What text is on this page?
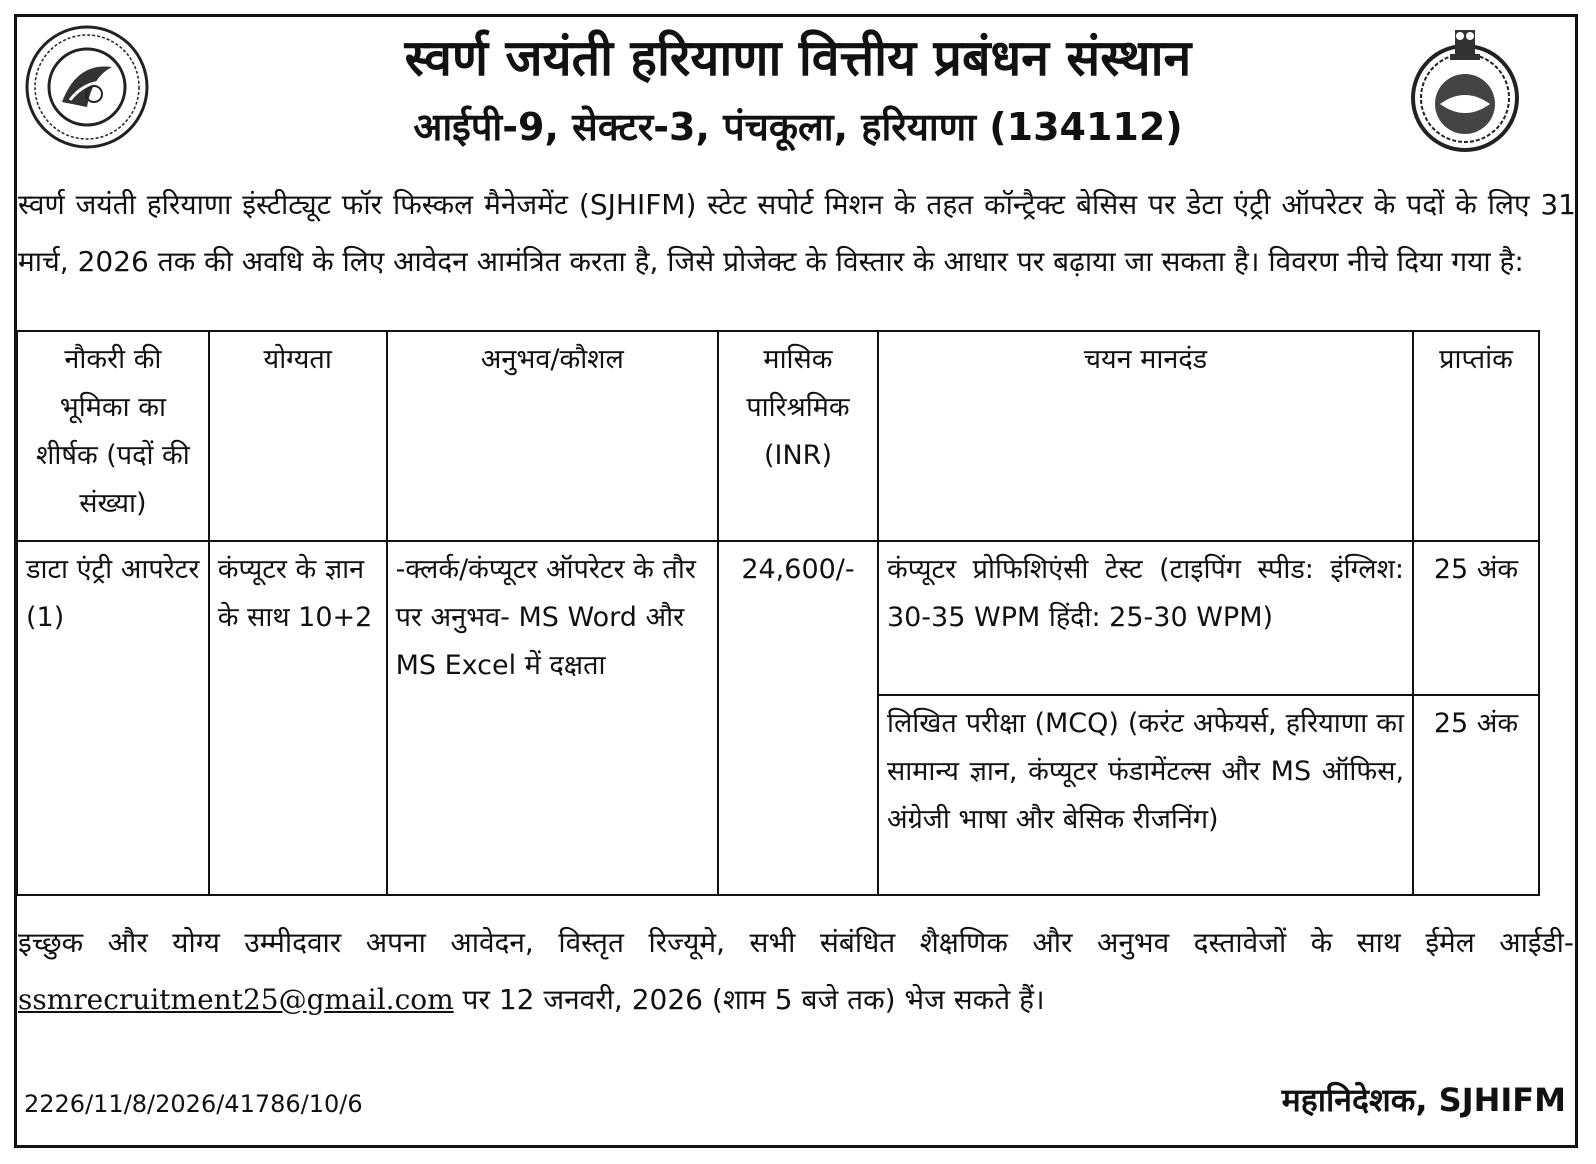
स्वर्ण जयंती हरियाणा वित्तीय प्रबंधन संस्थान
आईपी-9, सेक्टर-3, पंचकूला, हरियाणा (134112)
स्वर्ण जयंती हरियाणा इंस्टीट्यूट फॉर फिस्कल मैनेजमेंट (SJHIFM) स्टेट सपोर्ट मिशन के तहत कॉन्ट्रैक्ट बेसिस पर डेटा एंट्री ऑपरेटर के पदों के लिए 31 मार्च, 2026 तक की अवधि के लिए आवेदन आमंत्रित करता है, जिसे प्रोजेक्ट के विस्तार के आधार पर बढ़ाया जा सकता है। विवरण नीचे दिया गया है:
नौकरी की भूमिका का शीर्षक (पदों की संख्या)	योग्यता	अनुभव/कौशल	मासिक पारिश्रमिक (INR)	चयन मानदंड	प्राप्तांक
डाटा एंट्री आपरेटर (1)	कंप्यूटर के ज्ञान के साथ 10+2	-क्लर्क/कंप्यूटर ऑपरेटर के तौर पर अनुभव- MS Word और MS Excel में दक्षता	24,600/-	कंप्यूटर प्रोफिशिएंसी टेस्ट (टाइपिंग स्पीड: इंग्लिश: 30-35 WPM हिंदी: 25-30 WPM)	25 अंक
				लिखित परीक्षा (MCQ) (करंट अफेयर्स, हरियाणा का सामान्य ज्ञान, कंप्यूटर फंडामेंटल्स और MS ऑफिस, अंग्रेजी भाषा और बेसिक रीजनिंग)	25 अंक
इच्छुक और योग्य उम्मीदवार अपना आवेदन, विस्तृत रिज्यूमे, सभी संबंधित शैक्षणिक और अनुभव दस्तावेजों के साथ ईमेल आईडी-ssmrecruitment25@gmail.com पर 12 जनवरी, 2026 (शाम 5 बजे तक) भेज सकते हैं।
2226/11/8/2026/41786/10/6	महानिदेशक, SJHIFM
